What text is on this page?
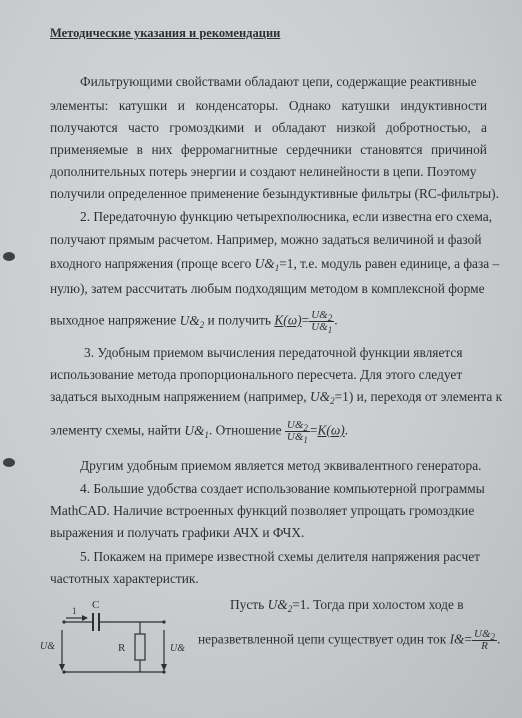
Методические указания и рекомендации
Фильтрующими свойствами обладают цепи, содержащие реактивные
элементы: катушки и конденсаторы. Однако катушки индуктивности
получаются часто громоздкими и обладают низкой добротностью, а
применяемые в них ферромагнитные сердечники становятся причиной
дополнительных потерь энергии и создают нелинейности в цепи. Поэтому
получили определенное применение безындуктивные фильтры (RC-фильтры).
2. Передаточную функцию четырехполюсника, если известна его схема,
получают прямым расчетом. Например, можно задаться величиной и фазой
входного напряжения (проще всего $U\&_1=1$, т.е. модуль равен единице, а фаза –
нулю), затем рассчитать любым подходящим методом в комплексной форме
выходное напряжение $U\&_2$ и получить $K(\omega)= \frac{U\&_2}{U\&_1}$ .
3. Удобным приемом вычисления передаточной функции является
использование метода пропорционального пересчета. Для этого следует
задаться выходным напряжением (например, $U\&_2=1$) и, переходя от элемента к
элементу схемы, найти $U\&_1$. Отношение $\frac{U\&_2}{U\&_1} =K(\omega)$.
Другим удобным приемом является метод эквивалентного генератора.
4. Большие удобства создает использование компьютерной программы
MathCAD. Наличие встроенных функций позволяет упрощать громоздкие
выражения и получать графики АЧХ и ФЧХ.
5. Покажем на примере известной схемы делителя напряжения расчет
частотных характеристик.
Пусть $U\&_2=1$. Тогда при холостом ходе в
неразветвленной цепи существует один ток I&= $\frac{U\&_2}{R}$ .
C
1
R
U&	U&
